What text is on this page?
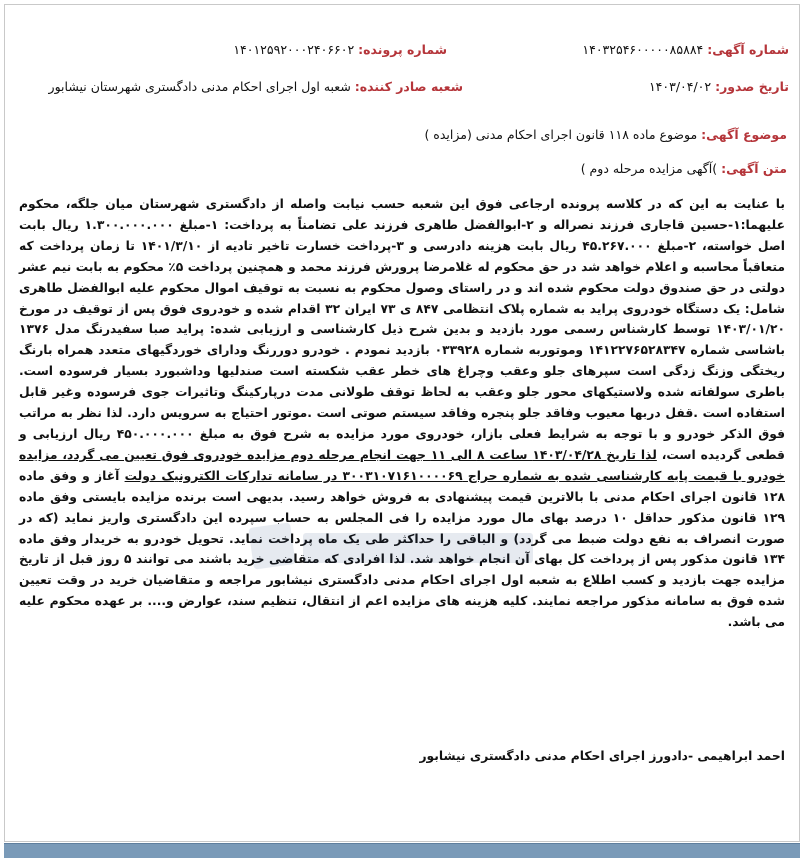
شماره آگهی: ۱۴۰۳۲۵۴۶۰۰۰۰۰۸۵۸۸۴
شماره پرونده: ۱۴۰۱۲۵۹۲۰۰۰۲۴۰۶۶۰۲
تاریخ صدور: ۱۴۰۳/۰۴/۰۲
شعبه صادر کننده: شعبه اول اجرای احکام مدنی دادگستری شهرستان نیشابور
موضوع آگهی: موضوع ماده ۱۱۸ قانون اجرای احکام مدنی (مزایده )
متن آگهی: )آگهی مزایده مرحله دوم )
با عنایت به این که در کلاسه پرونده ارجاعی فوق این شعبه حسب نیابت واصله از دادگستری شهرستان میان جلگه، محکوم علیهما:۱-حسین قاجاری فرزند نصراله و ۲-ابوالفضل طاهری فرزند علی تضامناً به پرداخت: ۱-مبلغ ۱.۳۰۰.۰۰۰.۰۰۰ ریال بابت اصل خواسته، ۲-مبلغ ۴۵.۲۶۷.۰۰۰ ریال بابت هزینه دادرسی و ۳-پرداخت خسارت تاخیر تادیه از ۱۴۰۱/۳/۱۰ تا زمان پرداخت که متعاقباً محاسبه و اعلام خواهد شد در حق محکوم له غلامرضا پرورش فرزند محمد و همچنین پرداخت ۵٪ محکوم به بابت نیم عشر دولتی در حق صندوق دولت محکوم شده اند و در راستای وصول محکوم به نسبت به توقیف اموال محکوم علیه ابوالفضل طاهری شامل: یک دستگاه خودروی پراید به شماره پلاک انتظامی ۸۴۷ ی ۷۳ ایران ۳۲ اقدام شده و خودروی فوق پس از توقیف در مورخ ۱۴۰۳/۰۱/۲۰ توسط کارشناس رسمی مورد بازدید و بدین شرح ذیل کارشناسی و ارزیابی شده: پراید صبا سفیدرنگ مدل ۱۳۷۶ باشاسی شماره ۱۴۱۲۲۷۶۵۲۸۳۴۷ وموتوربه شماره ۰۳۳۹۲۸ بازدید نمودم . خودرو دوررنگ ودارای خوردگیهای متعدد همراه بارنگ ریختگی وزنگ زدگی است سپرهای جلو وعقب وچراغ های خطر عقب شکسته است صندلیها وداشبورد بسیار فرسوده است. باطری سولفاته شده ولاستیکهای محور جلو وعقب به لحاظ توقف طولانی مدت درپارکینگ وتاثیرات جوی فرسوده وغیر قابل استفاده است .قفل دربها معیوب وفاقد جلو پنجره وفاقد سیستم صوتی است .موتور احتیاج به سرویس دارد. لذا نظر به مراتب فوق الذکر خودرو و با توجه به شرایط فعلی بازار، خودروی مورد مزایده به شرح فوق به مبلغ ۴۵۰.۰۰۰.۰۰۰ ریال ارزیابی و قطعی گردیده است، لذا تاریخ ۱۴۰۳/۰۴/۲۸ ساعت ۸ الی ۱۱ جهت انجام مرحله دوم مزایده خودروی فوق تعیین می گردد، مزایده خودرو با قیمت پایه کارشناسی شده به شماره حراج ۳۰۰۳۱۰۷۱۶۱۰۰۰۰۶۹ در سامانه تدارکات الکترونیک دولت آغاز و وفق ماده ۱۲۸ قانون اجرای احکام مدنی با بالاترین قیمت پیشنهادی به فروش خواهد رسید. بدیهی است برنده مزایده بایستی وفق ماده ۱۲۹ قانون مذکور حداقل ۱۰ درصد بهای مال مورد مزایده را فی المجلس به حساب سپرده این دادگستری واریز نماید (که در صورت انصراف به نفع دولت ضبط می گردد) و الباقی را حداکثر طی یک ماه پرداخت نماید. تحویل خودرو به خریدار وفق ماده ۱۳۴ قانون مذکور پس از پرداخت کل بهای آن انجام خواهد شد. لذا افرادی که متقاضی خرید باشند می توانند ۵ روز قبل از تاریخ مزایده جهت بازدید و کسب اطلاع به شعبه اول اجرای احکام مدنی دادگستری نیشابور مراجعه و متقاضیان خرید در وقت تعیین شده فوق به سامانه مذکور مراجعه نمایند. کلیه هزینه های مزایده اعم از انتقال، تنظیم سند، عوارض و.... بر عهده محکوم علیه می باشد.
احمد ابراهیمی -دادورز اجرای احکام مدنی دادگستری نیشابور
